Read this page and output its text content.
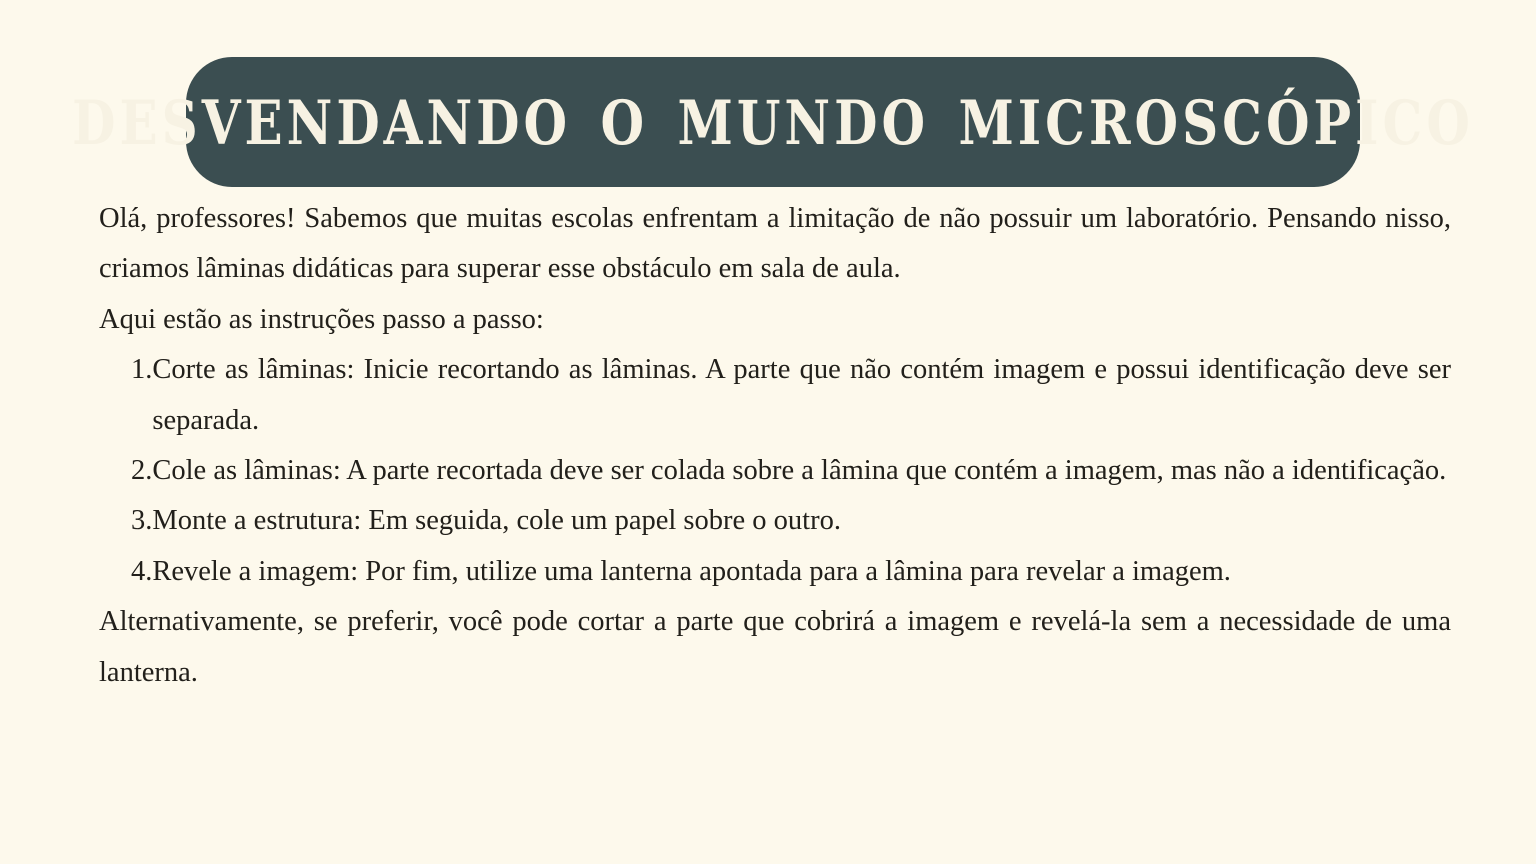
DESVENDANDO O MUNDO MICROSCÓPICO

Olá, professores! Sabemos que muitas escolas enfrentam a limitação de não possuir um laboratório. Pensando nisso, criamos lâminas didáticas para superar esse obstáculo em sala de aula.

Aqui estão as instruções passo a passo:

1. Corte as lâminas: Inicie recortando as lâminas. A parte que não contém imagem e possui identificação deve ser separada.
2. Cole as lâminas: A parte recortada deve ser colada sobre a lâmina que contém a imagem, mas não a identificação.
3. Monte a estrutura: Em seguida, cole um papel sobre o outro.
4. Revele a imagem: Por fim, utilize uma lanterna apontada para a lâmina para revelar a imagem.

Alternativamente, se preferir, você pode cortar a parte que cobrirá a imagem e revelá-la sem a necessidade de uma lanterna.
